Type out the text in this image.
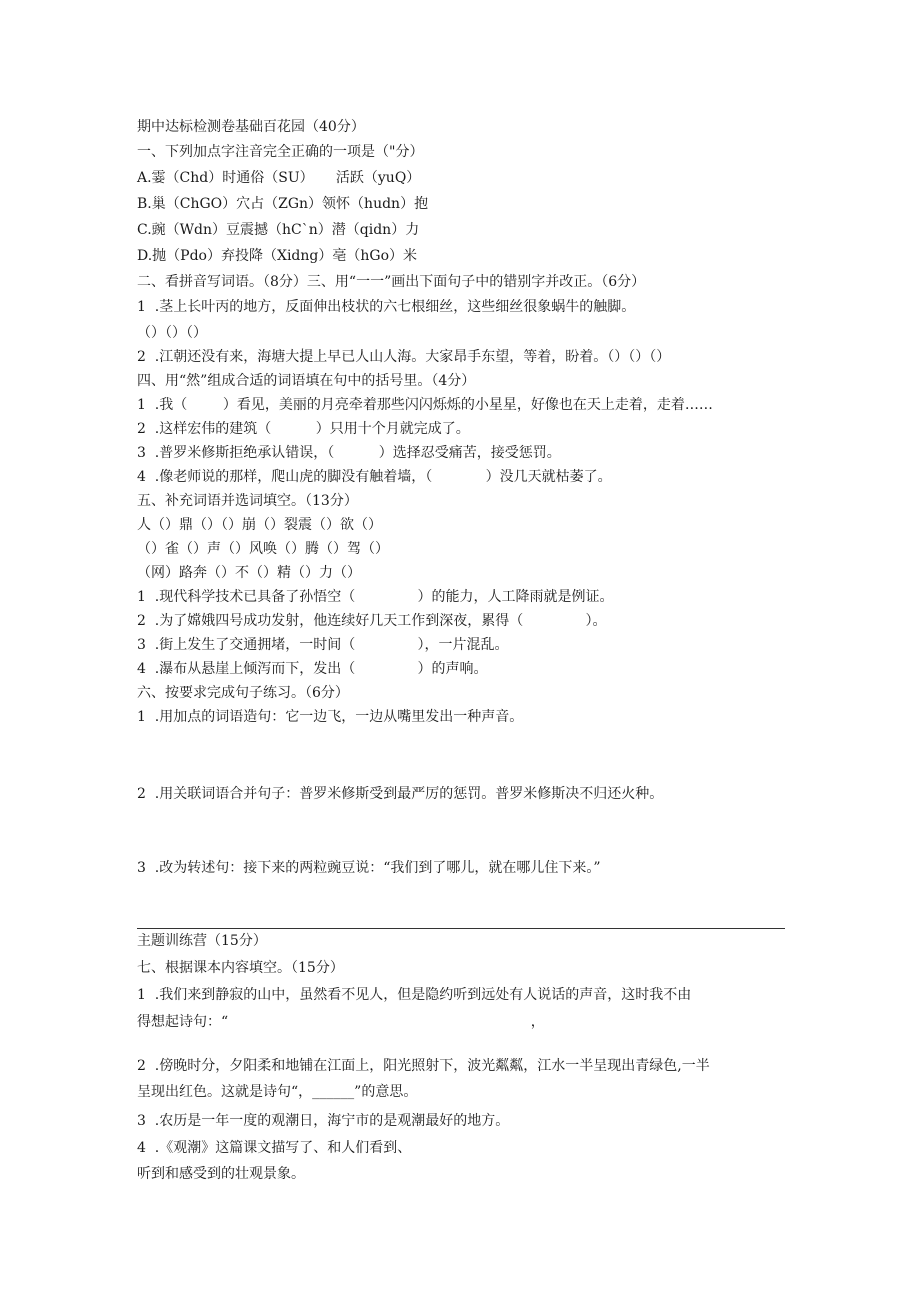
期中达标检测卷基础百花园（40分）
一、下列加点字注音完全正确的一项是（"分）
A.霎（Chd）时通俗（SU）     活跃（yuQ）
B.巢（ChGO）穴占（ZGn）领怀（hudn）抱
C.豌（Wdn）豆震撼（hCˋn）潜（qidn）力
D.抛（Pdo）弃投降（Xidng）亳（hGo）米
二、看拼音写词语。（8分）三、用“一一”画出下面句子中的错别字并改正。（6分）
1  .茎上长叶丙的地方，反面伸出枝状的六七根细丝，这些细丝很象蜗牛的触脚。
（）（）（）
2  .江朝还没有来，海塘大提上早已人山人海。大家昂手东望，等着，盼着。（）（）（）
四、用“然”组成合适的词语填在句中的括号里。（4分）
1  .我（        ）看见，美丽的月亮牵着那些闪闪烁烁的小星星，好像也在天上走着，走着……
2  .这样宏伟的建筑（          ）只用十个月就完成了。
3  .普罗米修斯拒绝承认错误，（          ）选择忍受痛苦，接受惩罚。
4  .像老师说的那样，爬山虎的脚没有触着墙，（            ）没几天就枯萎了。
五、补充词语并选词填空。（13分）
人（）鼎（）（）崩（）裂震（）欲（）
（）雀（）声（）风唤（）腾（）驾（）
（网）路奔（）不（）精（）力（）
1  .现代科学技术已具备了孙悟空（              ）的能力，人工降雨就是例证。
2  .为了嫦娥四号成功发射，他连续好几天工作到深夜，累得（              ）。
3  .街上发生了交通拥堵，一时间（              ），一片混乱。
4  .瀑布从悬崖上倾泻而下，发出（              ）的声响。
六、按要求完成句子练习。（6分）
1  .用加点的词语造句：它一边飞，一边从嘴里发出一种声音。
2  .用关联词语合并句子：普罗米修斯受到最严厉的惩罚。普罗米修斯决不归还火种。
3  .改为转述句：接下来的两粒豌豆说：“我们到了哪儿，就在哪儿住下来。”
主题训练营（15分）
七、根据课本内容填空。（15分）
1  .我们来到静寂的山中，虽然看不见人，但是隐约听到远处有人说话的声音，这时我不由
得想起诗句：“                                                                    ，
2  .傍晚时分，夕阳柔和地铺在江面上，阳光照射下，波光粼粼，江水一半呈现出青绿色,一半
呈现出红色。这就是诗句“，______”的意思。
3  .农历是一年一度的观潮日，海宁市的是观潮最好的地方。
4  .《观潮》这篇课文描写了、和人们看到、
听到和感受到的壮观景象。
